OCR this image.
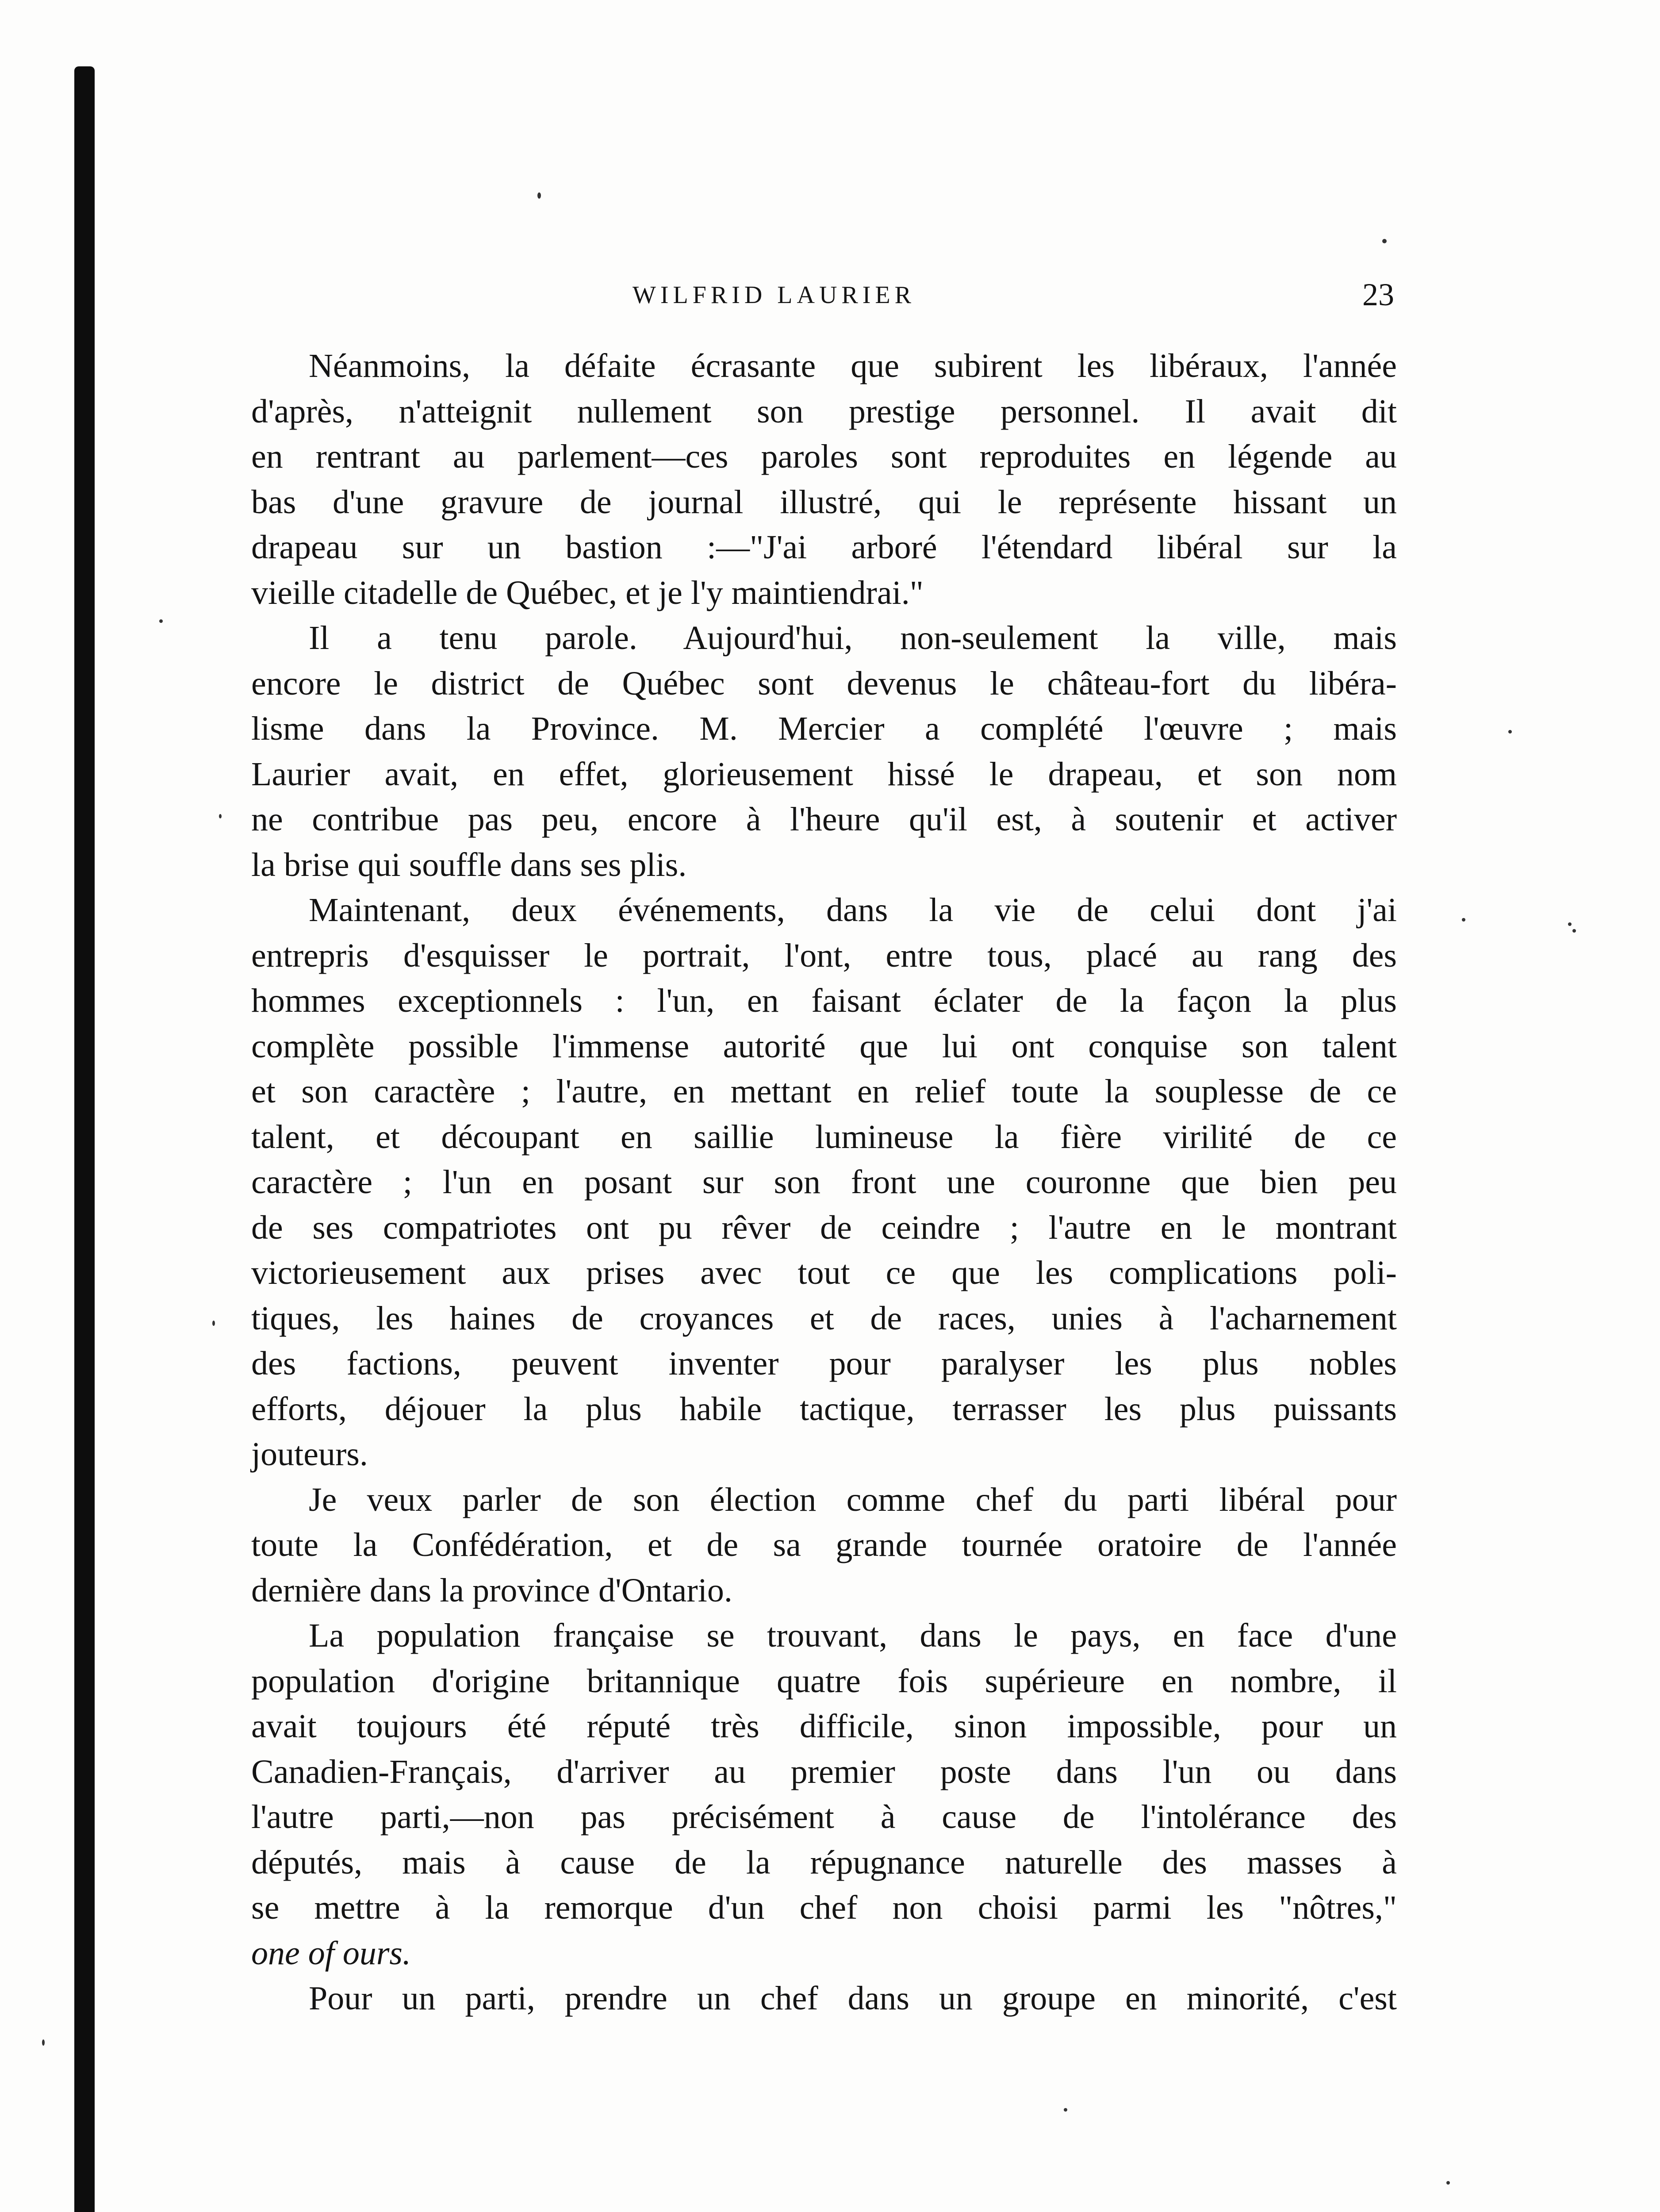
WILFRID LAURIER	23
Néanmoins, la défaite écrasante que subirent les libéraux, l'année
d'après, n'atteignit nullement son prestige personnel. Il avait dit
en rentrant au parlement—ces paroles sont reproduites en légende au
bas d'une gravure de journal illustré, qui le représente hissant un
drapeau sur un bastion :—"J'ai arboré l'étendard libéral sur la
vieille citadelle de Québec, et je l'y maintiendrai."
Il a tenu parole. Aujourd'hui, non-seulement la ville, mais
encore le district de Québec sont devenus le château-fort du libéra-
lisme dans la Province. M. Mercier a complété l'œuvre ; mais
Laurier avait, en effet, glorieusement hissé le drapeau, et son nom
ne contribue pas peu, encore à l'heure qu'il est, à soutenir et activer
la brise qui souffle dans ses plis.
Maintenant, deux événements, dans la vie de celui dont j'ai
entrepris d'esquisser le portrait, l'ont, entre tous, placé au rang des
hommes exceptionnels : l'un, en faisant éclater de la façon la plus
complète possible l'immense autorité que lui ont conquise son talent
et son caractère ; l'autre, en mettant en relief toute la souplesse de ce
talent, et découpant en saillie lumineuse la fière virilité de ce
caractère ; l'un en posant sur son front une couronne que bien peu
de ses compatriotes ont pu rêver de ceindre ; l'autre en le montrant
victorieusement aux prises avec tout ce que les complications poli-
tiques, les haines de croyances et de races, unies à l'acharnement
des factions, peuvent inventer pour paralyser les plus nobles
efforts, déjouer la plus habile tactique, terrasser les plus puissants
jouteurs.
Je veux parler de son élection comme chef du parti libéral pour
toute la Confédération, et de sa grande tournée oratoire de l'année
dernière dans la province d'Ontario.
La population française se trouvant, dans le pays, en face d'une
population d'origine britannique quatre fois supérieure en nombre, il
avait toujours été réputé très difficile, sinon impossible, pour un
Canadien-Français, d'arriver au premier poste dans l'un ou dans
l'autre parti,—non pas précisément à cause de l'intolérance des
députés, mais à cause de la répugnance naturelle des masses à
se mettre à la remorque d'un chef non choisi parmi les "nôtres,"
one of ours.
Pour un parti, prendre un chef dans un groupe en minorité, c'est
